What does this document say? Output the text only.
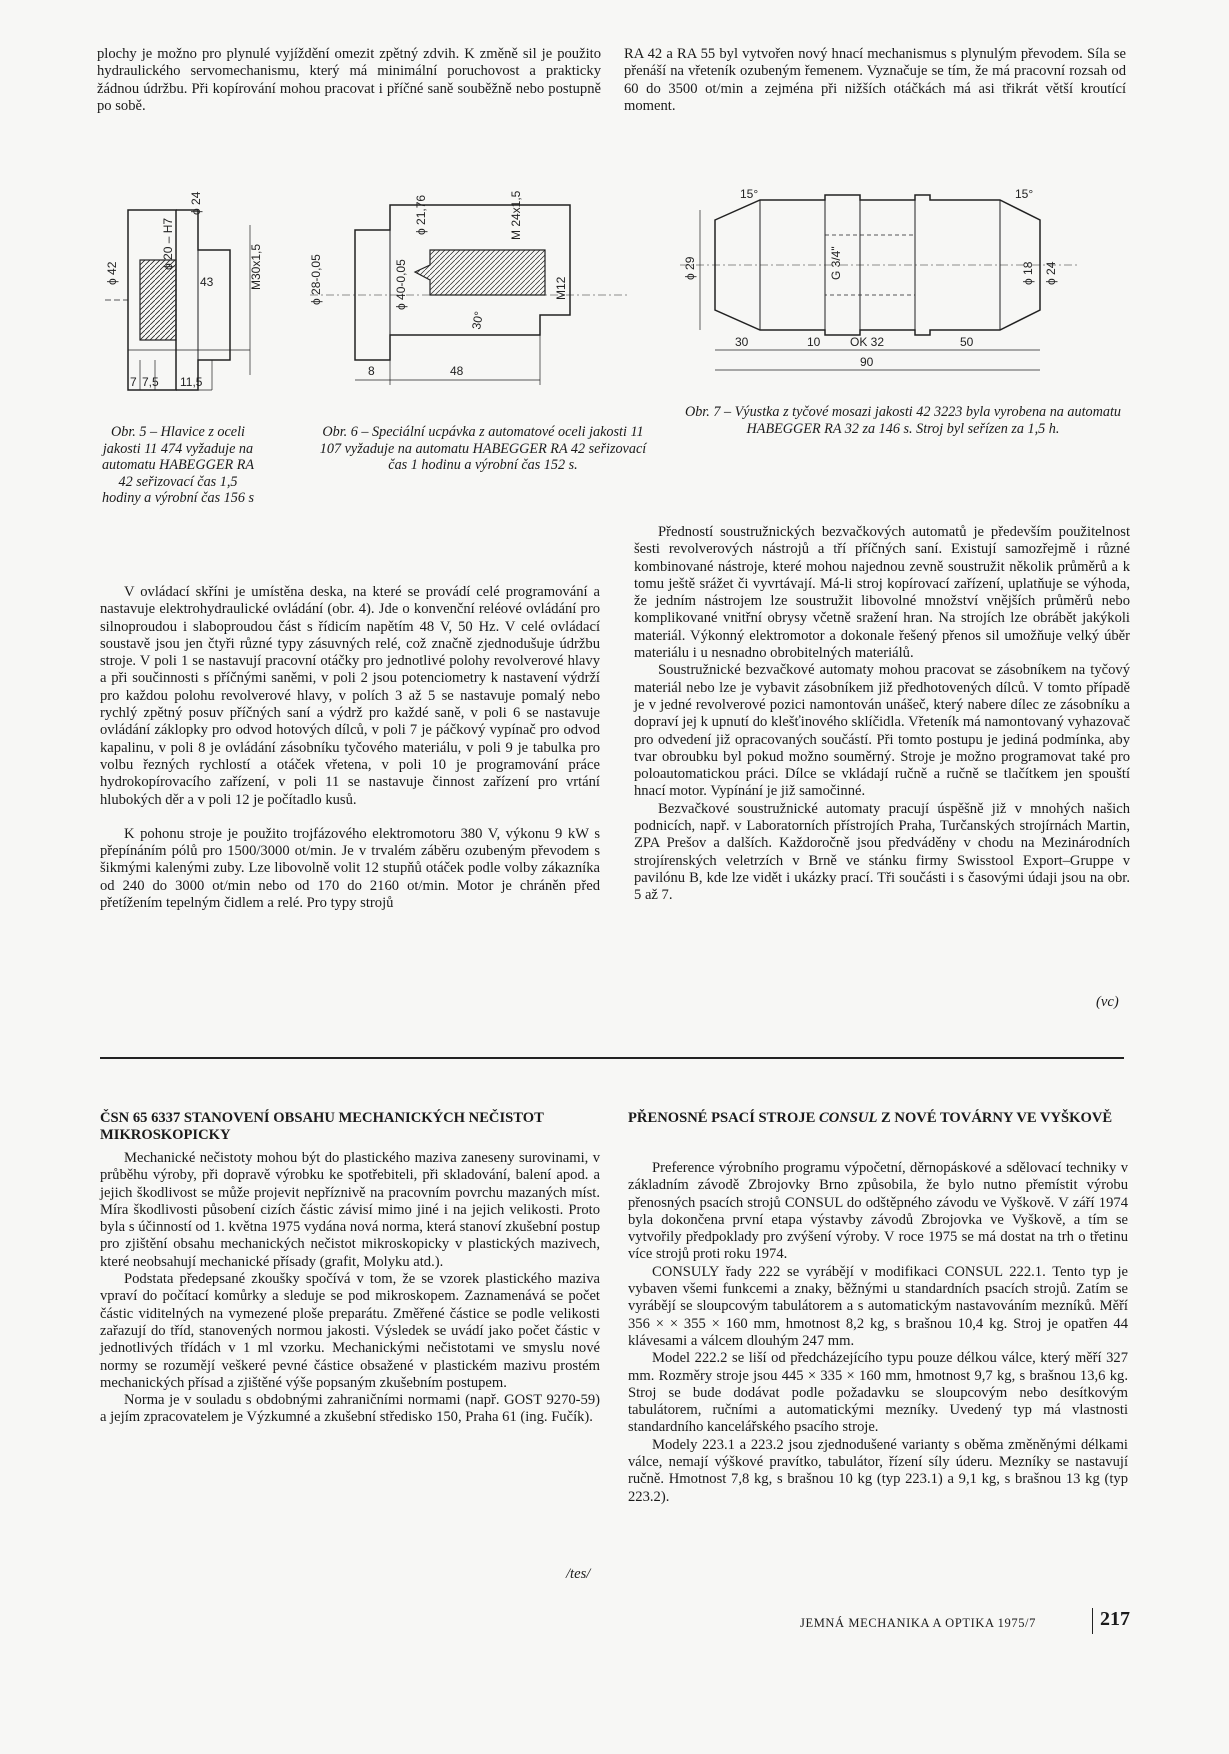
plochy je možno pro plynulé vyjíždění omezit zpětný zdvih. K změně sil je použito hydraulického servomechanismu, který má minimální poruchovost a prakticky žádnou údržbu. Při kopírování mohou pracovat i příčné saně souběžně nebo postupně po sobě.

RA 42 a RA 55 byl vytvořen nový hnací mechanismus s plynulým převodem. Síla se přenáší na vřeteník ozubeným řemenem. Vyznačuje se tím, že má pracovní rozsah od 60 do 3500 ot/min a zejména při nižších otáčkách má asi třikrát větší kroutící moment.

ϕ 42
ϕ 20 – H7
ϕ 24
M30x1,5
43
7 7,5 11,5
Obr. 5 – Hlavice z oceli jakosti 11 474 vyžaduje na automatu HABEGGER RA 42 seřizovací čas 1,5 hodiny a výrobní čas 156 s
ϕ 28-0,05	ϕ 40-0,05
ϕ 21,76	M 24x1,5
M12
30°
8	48
Obr. 6 – Speciální ucpávka z automatové oceli jakosti 11 107 vyžaduje na automatu HABEGGER RA 42 seřizovací čas 1 hodinu a výrobní čas 152 s.
ϕ 29	G 3/4"	ϕ 18 ϕ 24
15°	15°
30	10 OK 32	50
90
Obr. 7 – Výustka z tyčové mosazi jakosti 42 3223 byla vyrobena na automatu HABEGGER RA 32 za 146 s. Stroj byl seřízen za 1,5 h.

V ovládací skříni je umístěna deska, na které se provádí celé programování a nastavuje elektrohydraulické ovládání (obr. 4). Jde o konvenční reléové ovládání pro silnoproudou i slaboproudou část s řídicím napětím 48 V, 50 Hz. V celé ovládací soustavě jsou jen čtyři různé typy zásuvných relé, což značně zjednodušuje údržbu stroje. V poli 1 se nastavují pracovní otáčky pro jednotlivé polohy revolverové hlavy a při součinnosti s příčnými saněmi, v poli 2 jsou potenciometry k nastavení výdrží pro každou polohu revolverové hlavy, v polích 3 až 5 se nastavuje pomalý nebo rychlý zpětný posuv příčných saní a výdrž pro každé saně, v poli 6 se nastavuje ovládání záklopky pro odvod hotových dílců, v poli 7 je páčkový vypínač pro odvod kapalinu, v poli 8 je ovládání zásobníku tyčového materiálu, v poli 9 je tabulka pro volbu řezných rychlostí a otáček vřetena, v poli 10 je programování práce hydrokopírovacího zařízení, v poli 11 se nastavuje činnost zařízení pro vrtání hlubokých děr a v poli 12 je počítadlo kusů.

K pohonu stroje je použito trojfázového elektromotoru 380 V, výkonu 9 kW s přepínáním pólů pro 1500/3000 ot/min. Je v trvalém záběru ozubeným převodem s šikmými kalenými zuby. Lze libovolně volit 12 stupňů otáček podle volby zákazníka od 240 do 3000 ot/min nebo od 170 do 2160 ot/min. Motor je chráněn před přetížením tepelným čidlem a relé. Pro typy strojů

Předností soustružnických bezvačkových automatů je především použitelnost šesti revolverových nástrojů a tří příčných saní. Existují samozřejmě i různé kombinované nástroje, které mohou najednou zevně soustružit několik průměrů a k tomu ještě srážet či vyvrtávají. Má-li stroj kopírovací zařízení, uplatňuje se výhoda, že jedním nástrojem lze soustružit libovolné množství vnějších průměrů nebo komplikované vnitřní obrysy včetně sražení hran. Na strojích lze obrábět jakýkoli materiál. Výkonný elektromotor a dokonale řešený přenos sil umožňuje velký úběr materiálu i u nesnadno obrobitelných materiálů.

Soustružnické bezvačkové automaty mohou pracovat se zásobníkem na tyčový materiál nebo lze je vybavit zásobníkem již předhotovených dílců. V tomto případě je v jedné revolverové pozici namontován unášeč, který nabere dílec ze zásobníku a dopraví jej k upnutí do klešťinového sklíčidla. Vřeteník má namontovaný vyhazovač pro odvedení již opracovaných součástí. Při tomto postupu je jediná podmínka, aby tvar obroubku byl pokud možno souměrný. Stroje je možno programovat také pro poloautomatickou práci. Dílce se vkládají ručně a ručně se tlačítkem jen spouští hnací motor. Vypínání je již samočinné.

Bezvačkové soustružnické automaty pracují úspěšně již v mnohých našich podnicích, např. v Laboratorních přístrojích Praha, Turčanských strojírnách Martin, ZPA Prešov a dalších. Každoročně jsou předváděny v chodu na Mezinárodních strojírenských veletrzích v Brně ve stánku firmy Swisstool Export–Gruppe v pavilónu B, kde lze vidět i ukázky prací. Tři součásti i s časovými údaji jsou na obr. 5 až 7.

(vc)
ČSN 65 6337 STANOVENÍ OBSAHU MECHANICKÝCH NEČISTOT MIKROSKOPICKY

Mechanické nečistoty mohou být do plastického maziva zaneseny surovinami, v průběhu výroby, při dopravě výrobku ke spotřebiteli, při skladování, balení apod. a jejich škodlivost se může projevit nepříznivě na pracovním povrchu mazaných míst. Míra škodlivosti působení cizích částic závisí mimo jiné i na jejich velikosti. Proto byla s účinností od 1. května 1975 vydána nová norma, která stanoví zkušební postup pro zjištění obsahu mechanických nečistot mikroskopicky v plastických mazivech, které neobsahují mechanické přísady (grafit, Molyku atd.).

Podstata předepsané zkoušky spočívá v tom, že se vzorek plastického maziva vpraví do počítací komůrky a sleduje se pod mikroskopem. Zaznamenává se počet částic viditelných na vymezené ploše preparátu. Změřené částice se podle velikosti zařazují do tříd, stanovených normou jakosti. Výsledek se uvádí jako počet částic v jednotlivých třídách v 1 ml vzorku. Mechanickými nečistotami ve smyslu nové normy se rozumějí veškeré pevné částice obsažené v plastickém mazivu prostém mechanických přísad a zjištěné výše popsaným zkušebním postupem.

Norma je v souladu s obdobnými zahraničními normami (např. GOST 9270-59) a jejím zpracovatelem je Výzkumné a zkušební středisko 150, Praha 61 (ing. Fučík).

/tes/
PŘENOSNÉ PSACÍ STROJE CONSUL Z NOVÉ TOVÁRNY VE VYŠKOVĚ

Preference výrobního programu výpočetní, děrnopáskové a sdělovací techniky v základním závodě Zbrojovky Brno způsobila, že bylo nutno přemístit výrobu přenosných psacích strojů CONSUL do odštěpného závodu ve Vyškově. V září 1974 byla dokončena první etapa výstavby závodů Zbrojovka ve Vyškově, a tím se vytvořily předpoklady pro zvýšení výroby. V roce 1975 se má dostat na trh o třetinu více strojů proti roku 1974.

CONSULY řady 222 se vyrábějí v modifikaci CONSUL 222.1. Tento typ je vybaven všemi funkcemi a znaky, běžnými u standardních psacích strojů. Zatím se vyrábějí se sloupcovým tabulátorem a s automatickým nastavováním mezníků. Měří 356 × × 355 × 160 mm, hmotnost 8,2 kg, s brašnou 10,4 kg. Stroj je opatřen 44 klávesami a válcem dlouhým 247 mm.

Model 222.2 se liší od předcházejícího typu pouze délkou válce, který měří 327 mm. Rozměry stroje jsou 445 × 335 × 160 mm, hmotnost 9,7 kg, s brašnou 13,6 kg. Stroj se bude dodávat podle požadavku se sloupcovým nebo desítkovým tabulátorem, ručními a automatickými mezníky. Uvedený typ má vlastnosti standardního kancelářského psacího stroje.

Modely 223.1 a 223.2 jsou zjednodušené varianty s oběma změněnými délkami válce, nemají výškové pravítko, tabulátor, řízení síly úderu. Mezníky se nastavují ručně. Hmotnost 7,8 kg, s brašnou 10 kg (typ 223.1) a 9,1 kg, s brašnou 13 kg (typ 223.2).

JEMNÁ MECHANIKA A OPTIKA 1975/7	217
